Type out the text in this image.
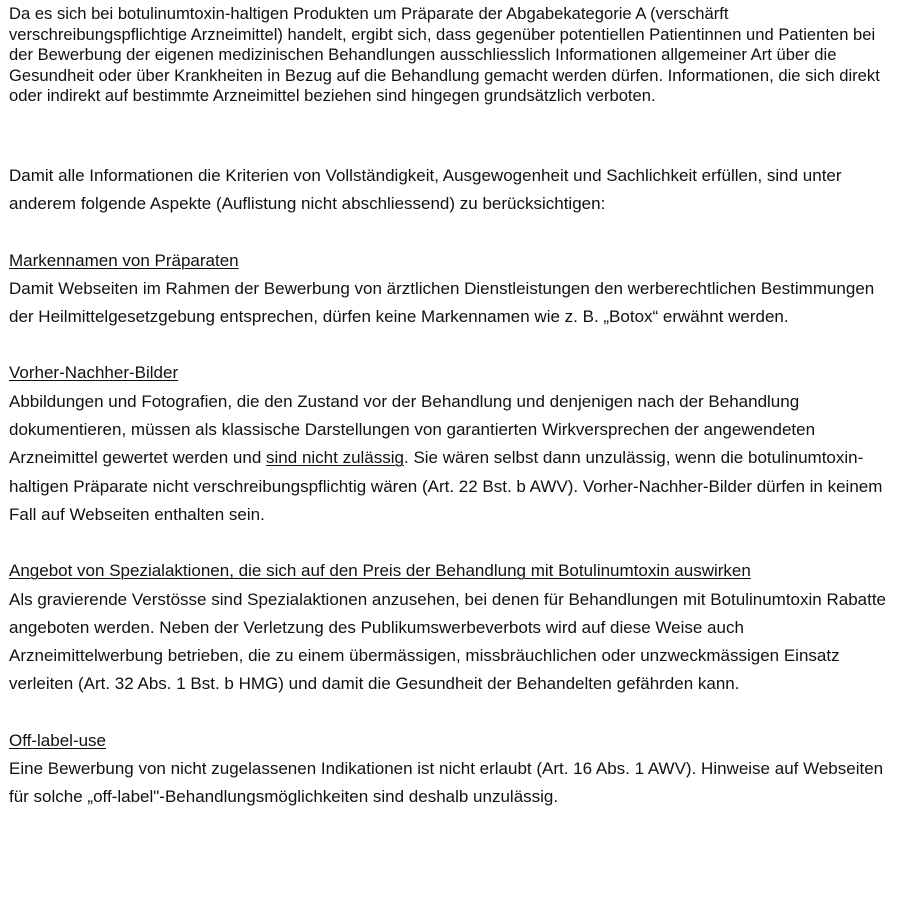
Da es sich bei botulinumtoxin-haltigen Produkten um Präparate der Abgabekategorie A (verschärft verschreibungspflichtige Arzneimittel) handelt, ergibt sich, dass gegenüber potentiellen Patientinnen und Patienten bei der Bewerbung der eigenen medizinischen Behandlungen ausschliesslich Informationen allgemeiner Art über die Gesundheit oder über Krankheiten in Bezug auf die Behandlung gemacht werden dürfen. Informationen, die sich direkt oder indirekt auf bestimmte Arzneimittel beziehen sind hingegen grundsätzlich verboten.

Damit alle Informationen die Kriterien von Vollständigkeit, Ausgewogenheit und Sachlichkeit erfüllen, sind unter anderem folgende Aspekte (Auflistung nicht abschliessend) zu berücksichtigen:

Markennamen von Präparaten

Damit Webseiten im Rahmen der Bewerbung von ärztlichen Dienstleistungen den werberechtlichen Bestimmungen der Heilmittelgesetzgebung entsprechen, dürfen keine Markennamen wie z. B. „Botox“ erwähnt werden.

Vorher-Nachher-Bilder

Abbildungen und Fotografien, die den Zustand vor der Behandlung und denjenigen nach der Behandlung dokumentieren, müssen als klassische Darstellungen von garantierten Wirkversprechen der angewendeten Arzneimittel gewertet werden und sind nicht zulässig. Sie wären selbst dann unzulässig, wenn die botulinumtoxin-haltigen Präparate nicht verschreibungspflichtig wären (Art. 22 Bst. b AWV). Vorher-Nachher-Bilder dürfen in keinem Fall auf Webseiten enthalten sein.

Angebot von Spezialaktionen, die sich auf den Preis der Behandlung mit Botulinumtoxin auswirken

Als gravierende Verstösse sind Spezialaktionen anzusehen, bei denen für Behandlungen mit Botulinumtoxin Rabatte angeboten werden. Neben der Verletzung des Publikumswerbeverbots wird auf diese Weise auch Arzneimittelwerbung betrieben, die zu einem übermässigen, missbräuchlichen oder unzweckmässigen Einsatz verleiten (Art. 32 Abs. 1 Bst. b HMG) und damit die Gesundheit der Behandelten gefährden kann.

Off-label-use

Eine Bewerbung von nicht zugelassenen Indikationen ist nicht erlaubt (Art. 16 Abs. 1 AWV). Hinweise auf Webseiten für solche „off-label"-Behandlungsmöglichkeiten sind deshalb unzulässig.
